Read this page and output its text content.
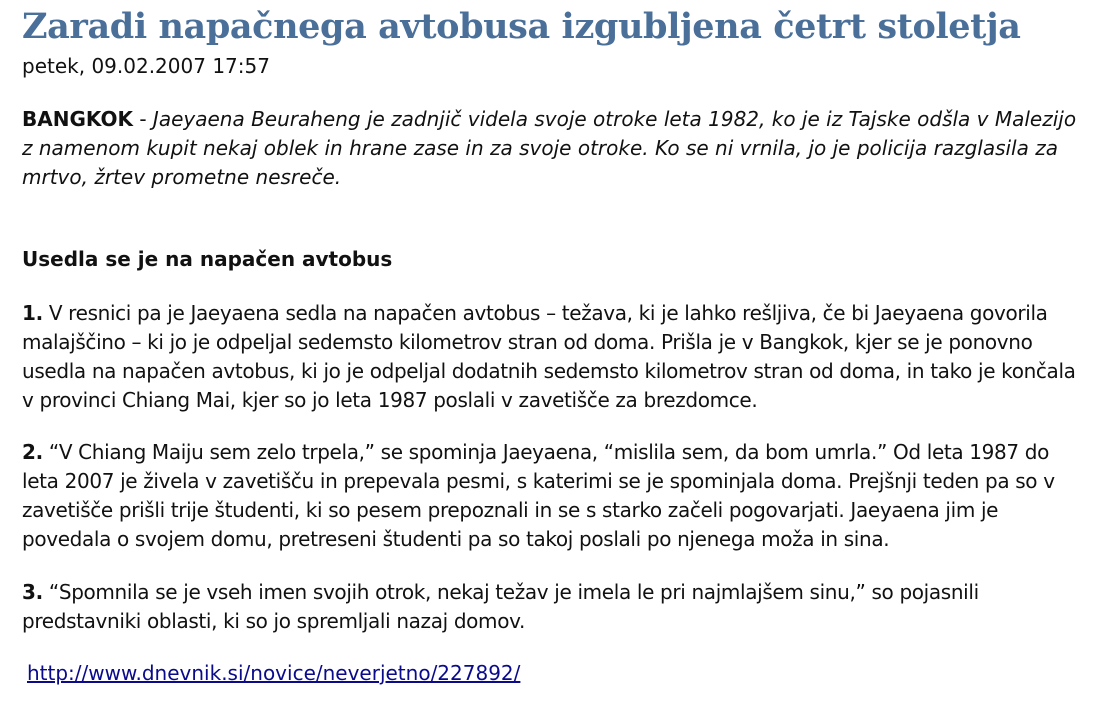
Zaradi napačnega avtobusa izgubljena četrt stoletja
petek, 09.02.2007 17:57

BANGKOK - Jaeyaena Beuraheng je zadnjič videla svoje otroke leta 1982, ko je iz Tajske odšla v Malezijo z namenom kupit nekaj oblek in hrane zase in za svoje otroke. Ko se ni vrnila, jo je policija razglasila za mrtvo, žrtev prometne nesreče.

Usedla se je na napačen avtobus

1. V resnici pa je Jaeyaena sedla na napačen avtobus – težava, ki je lahko rešljiva, če bi Jaeyaena govorila malajščino – ki jo je odpeljal sedemsto kilometrov stran od doma. Prišla je v Bangkok, kjer se je ponovno usedla na napačen avtobus, ki jo je odpeljal dodatnih sedemsto kilometrov stran od doma, in tako je končala v provinci Chiang Mai, kjer so jo leta 1987 poslali v zavetišče za brezdomce.

2. “V Chiang Maiju sem zelo trpela,” se spominja Jaeyaena, “mislila sem, da bom umrla.” Od leta 1987 do leta 2007 je živela v zavetišču in prepevala pesmi, s katerimi se je spominjala doma. Prejšnji teden pa so v zavetišče prišli trije študenti, ki so pesem prepoznali in se s starko začeli pogovarjati. Jaeyaena jim je povedala o svojem domu, pretreseni študenti pa so takoj poslali po njenega moža in sina.

3. “Spomnila se je vseh imen svojih otrok, nekaj težav je imela le pri najmlajšem sinu,” so pojasnili predstavniki oblasti, ki so jo spremljali nazaj domov.

http://www.dnevnik.si/novice/neverjetno/227892/
